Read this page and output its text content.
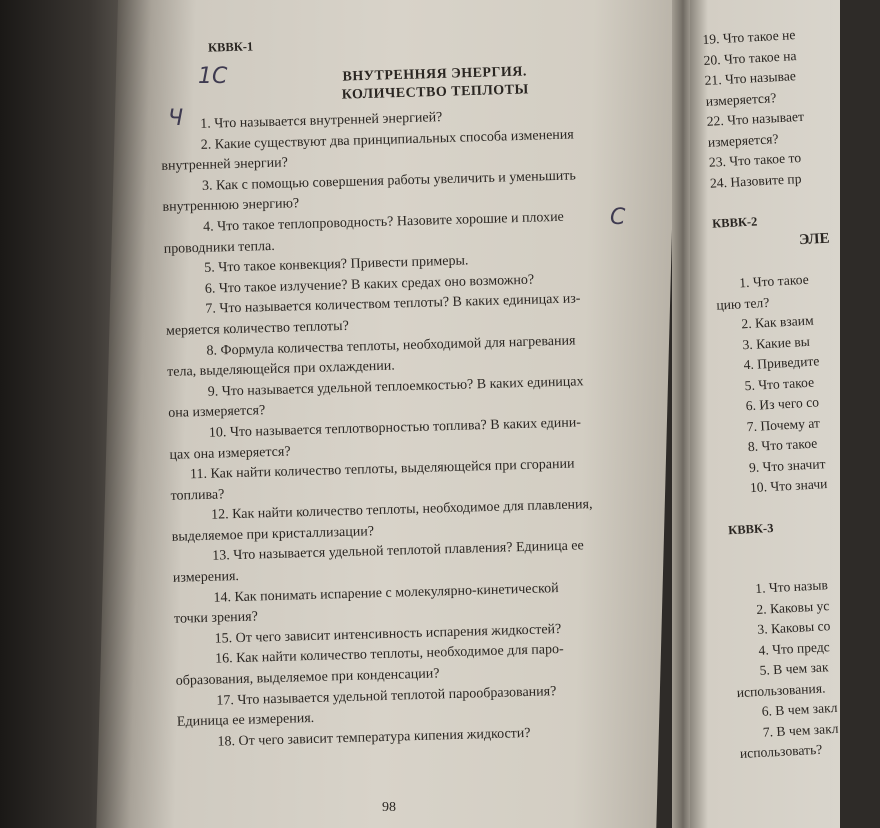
КВВК-1
ВНУТРЕННЯЯ ЭНЕРГИЯ.
КОЛИЧЕСТВО ТЕПЛОТЫ
1С
Ч
С
1. Что называется внутренней энергией?
2. Какие существуют два принципиальных способа изменения
внутренней энергии?
3. Как с помощью совершения работы увеличить и уменьшить
внутреннюю энергию?
4. Что такое теплопроводность? Назовите хорошие и плохие
проводники тепла.
5. Что такое конвекция? Привести примеры.
6. Что такое излучение? В каких средах оно возможно?
7. Что называется количеством теплоты? В каких единицах из-
меряется количество теплоты?
8. Формула количества теплоты, необходимой для нагревания
тела, выделяющейся при охлаждении.
9. Что называется удельной теплоемкостью? В каких единицах
она измеряется?
10. Что называется теплотворностью топлива? В каких едини-
цах она измеряется?
11. Как найти количество теплоты, выделяющейся при сгорании
топлива?
12. Как найти количество теплоты, необходимое для плавления,
выделяемое при кристаллизации?
13. Что называется удельной теплотой плавления? Единица ее
измерения.
14. Как понимать испарение с молекулярно-кинетической
точки зрения?
15. От чего зависит интенсивность испарения жидкостей?
16. Как найти количество теплоты, необходимое для паро-
образования, выделяемое при конденсации?
17. Что называется удельной теплотой парообразования?
Единица ее измерения.
18. От чего зависит температура кипения жидкости?
98
19. Что такое не
20. Что такое на
21. Что называе
измеряется?
22. Что называет
измеряется?
23. Что такое то
24. Назовите пр
КВВК-2
ЭЛЕ
1. Что такое
цию тел?
2. Как взаим
3. Какие вы
4. Приведите
5. Что такое
6. Из чего со
7. Почему ат
8. Что такое
9. Что значит
10. Что значи
КВВК-3
1. Что назыв
2. Каковы ус
3. Каковы со
4. Что предс
5. В чем зак
использования.
6. В чем закл
7. В чем закл
использовать?
